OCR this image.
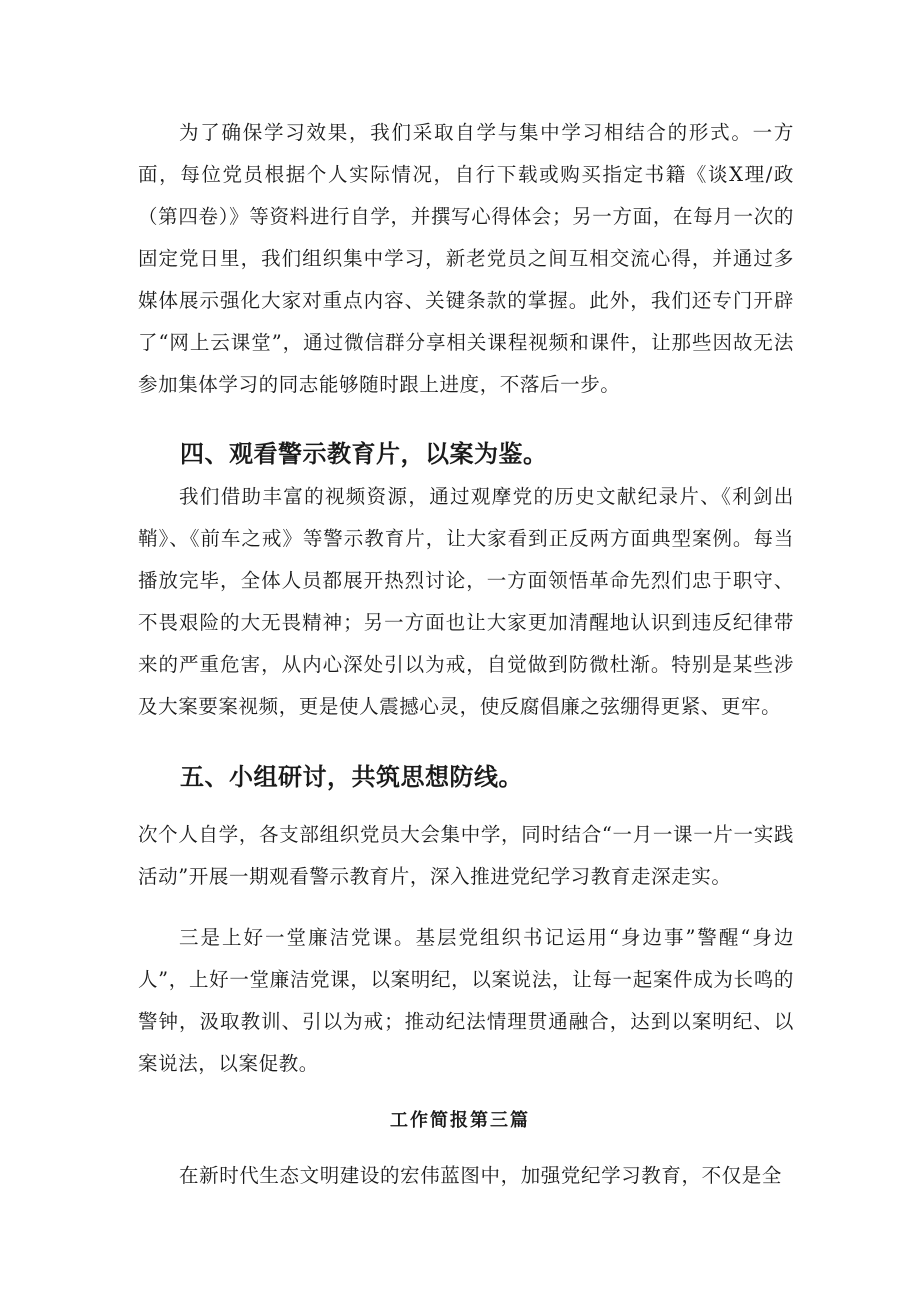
为了确保学习效果，我们采取自学与集中学习相结合的形式。一方面，每位党员根据个人实际情况，自行下载或购买指定书籍《谈X理/政（第四卷）》等资料进行自学，并撰写心得体会；另一方面，在每月一次的固定党日里，我们组织集中学习，新老党员之间互相交流心得，并通过多媒体展示强化大家对重点内容、关键条款的掌握。此外，我们还专门开辟了“网上云课堂”，通过微信群分享相关课程视频和课件，让那些因故无法参加集体学习的同志能够随时跟上进度，不落后一步。

四、观看警示教育片，以案为鉴。

我们借助丰富的视频资源，通过观摩党的历史文献纪录片、《利剑出鞘》、《前车之戒》等警示教育片，让大家看到正反两方面典型案例。每当播放完毕，全体人员都展开热烈讨论，一方面领悟革命先烈们忠于职守、不畏艰险的大无畏精神；另一方面也让大家更加清醒地认识到违反纪律带来的严重危害，从内心深处引以为戒，自觉做到防微杜渐。特别是某些涉及大案要案视频，更是使人震撼心灵，使反腐倡廉之弦绷得更紧、更牢。

五、小组研讨，共筑思想防线。

次个人自学，各支部组织党员大会集中学，同时结合“一月一课一片一实践活动”开展一期观看警示教育片，深入推进党纪学习教育走深走实。

三是上好一堂廉洁党课。基层党组织书记运用“身边事”警醒“身边人”，上好一堂廉洁党课，以案明纪，以案说法，让每一起案件成为长鸣的警钟，汲取教训、引以为戒；推动纪法情理贯通融合，达到以案明纪、以案说法，以案促教。

工作简报第三篇

在新时代生态文明建设的宏伟蓝图中，加强党纪学习教育，不仅是全
